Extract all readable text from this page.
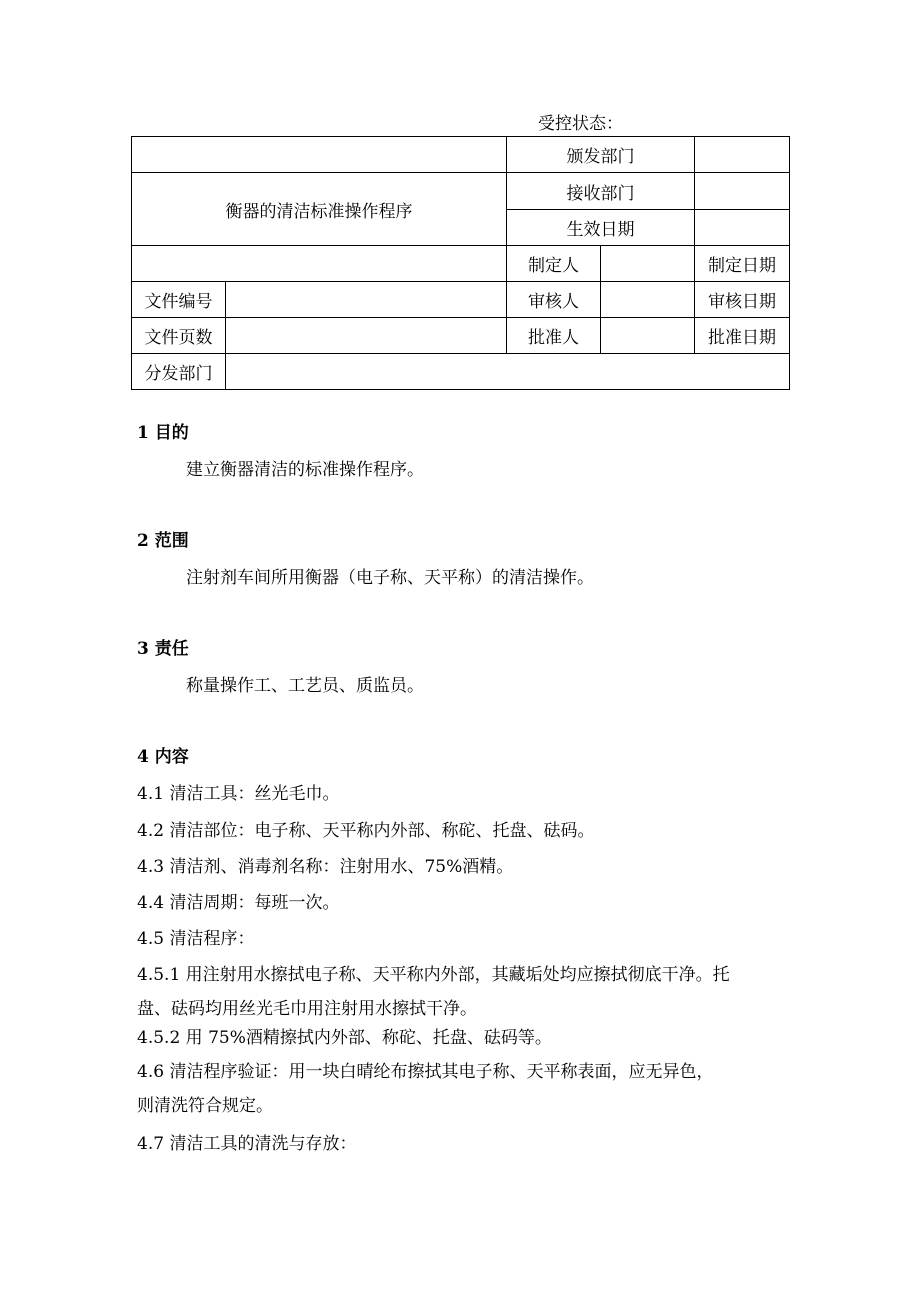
受控状态：
		颁发部门		
衡器的清洁标准操作程序		接收部门		
		生效日期		
		制定人		制定日期
文件编号		审核人		审核日期
文件页数		批准人		批准日期
分发部门				
1 目的
建立衡器清洁的标准操作程序。
2 范围
注射剂车间所用衡器（电子称、天平称）的清洁操作。
3 责任
称量操作工、工艺员、质监员。
4 内容
4.1 清洁工具：丝光毛巾。
4.2 清洁部位：电子称、天平称内外部、称砣、托盘、砝码。
4.3 清洁剂、消毒剂名称：注射用水、75%酒精。
4.4 清洁周期：每班一次。
4.5 清洁程序：
4.5.1 用注射用水擦拭电子称、天平称内外部，其藏垢处均应擦拭彻底干净。托
盘、砝码均用丝光毛巾用注射用水擦拭干净。
4.5.2 用 75%酒精擦拭内外部、称砣、托盘、砝码等。
4.6 清洁程序验证：用一块白晴纶布擦拭其电子称、天平称表面，应无异色，
则清洗符合规定。
4.7 清洁工具的清洗与存放：
